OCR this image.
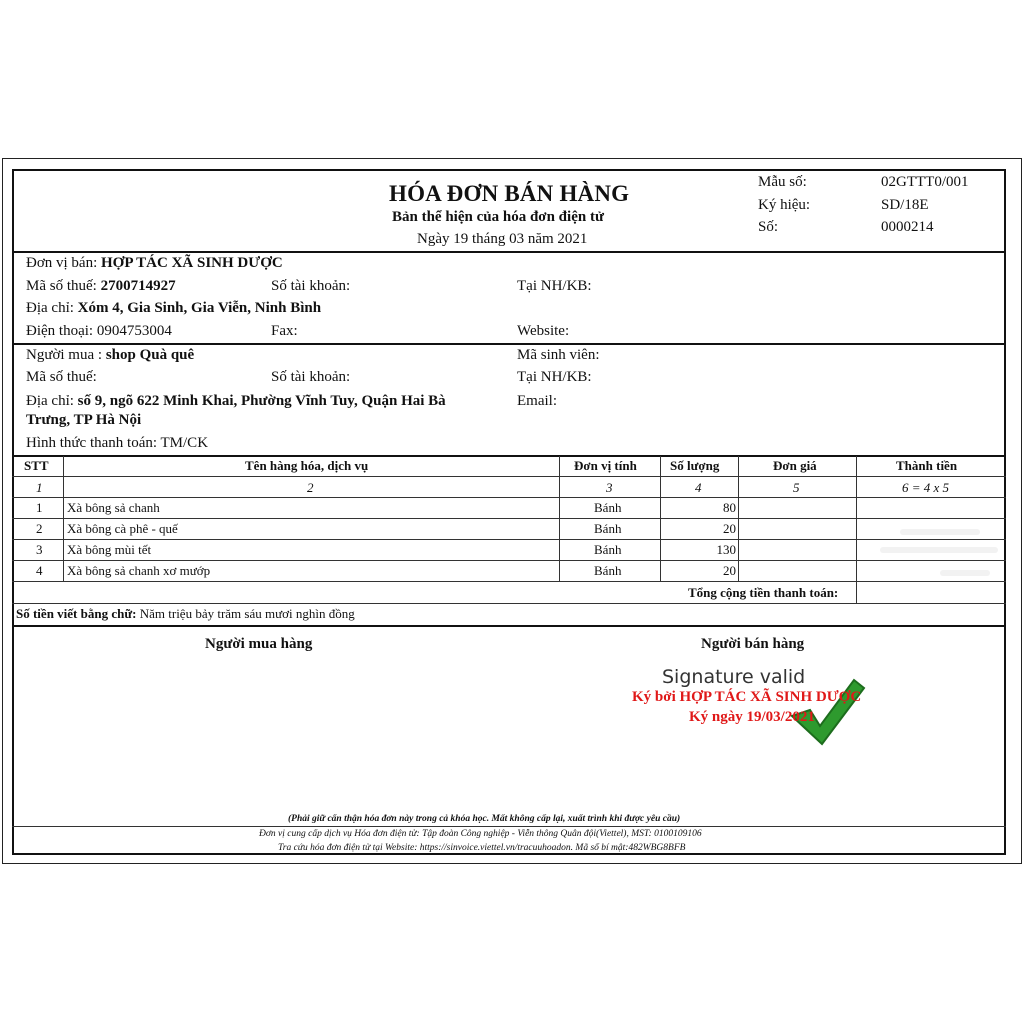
HÓA ĐƠN BÁN HÀNG
Bản thể hiện của hóa đơn điện tử
Ngày 19 tháng 03 năm 2021
Mẫu số:	02GTTT0/001
Ký hiệu:	SD/18E
Số:	0000214
Đơn vị bán: HỢP TÁC XÃ SINH DƯỢC
Mã số thuế: 2700714927	Số tài khoản:	Tại NH/KB:
Địa chỉ: Xóm 4, Gia Sinh, Gia Viễn, Ninh Bình
Điện thoại: 0904753004	Fax:	Website:
Người mua : shop Quà quê	Mã sinh viên:
Mã số thuế:	Số tài khoản:	Tại NH/KB:
Địa chỉ: số 9, ngõ 622 Minh Khai, Phường Vĩnh Tuy, Quận Hai Bà
Trưng, TP Hà Nội
Email:
Hình thức thanh toán: TM/CK
STT	Tên hàng hóa, dịch vụ	Đơn vị tính	Số lượng	Đơn giá	Thành tiền
1	2	3	4	5	6 = 4 x 5
1 Xà bông sả chanh	Bánh	80
2 Xà bông cà phê - quế	Bánh	20
3 Xà bông mùi tết	Bánh	130
4 Xà bông sả chanh xơ mướp	Bánh	20
Tổng cộng tiền thanh toán:
Số tiền viết bằng chữ: Năm triệu bảy trăm sáu mươi nghìn đồng
Người mua hàng	Người bán hàng
Signature valid
Ký bởi HỢP TÁC XÃ SINH DƯỢC
Ký ngày 19/03/2021
(Phải giữ cẩn thận hóa đơn này trong cả khóa học. Mất không cấp lại, xuất trình khi được yêu cầu)
Đơn vị cung cấp dịch vụ Hóa đơn điện tử: Tập đoàn Công nghiệp - Viễn thông Quân đội(Viettel), MST: 0100109106
Tra cứu hóa đơn điện tử tại Website: https://sinvoice.viettel.vn/tracuuhoadon. Mã số bí mật:482WBG8BFB
